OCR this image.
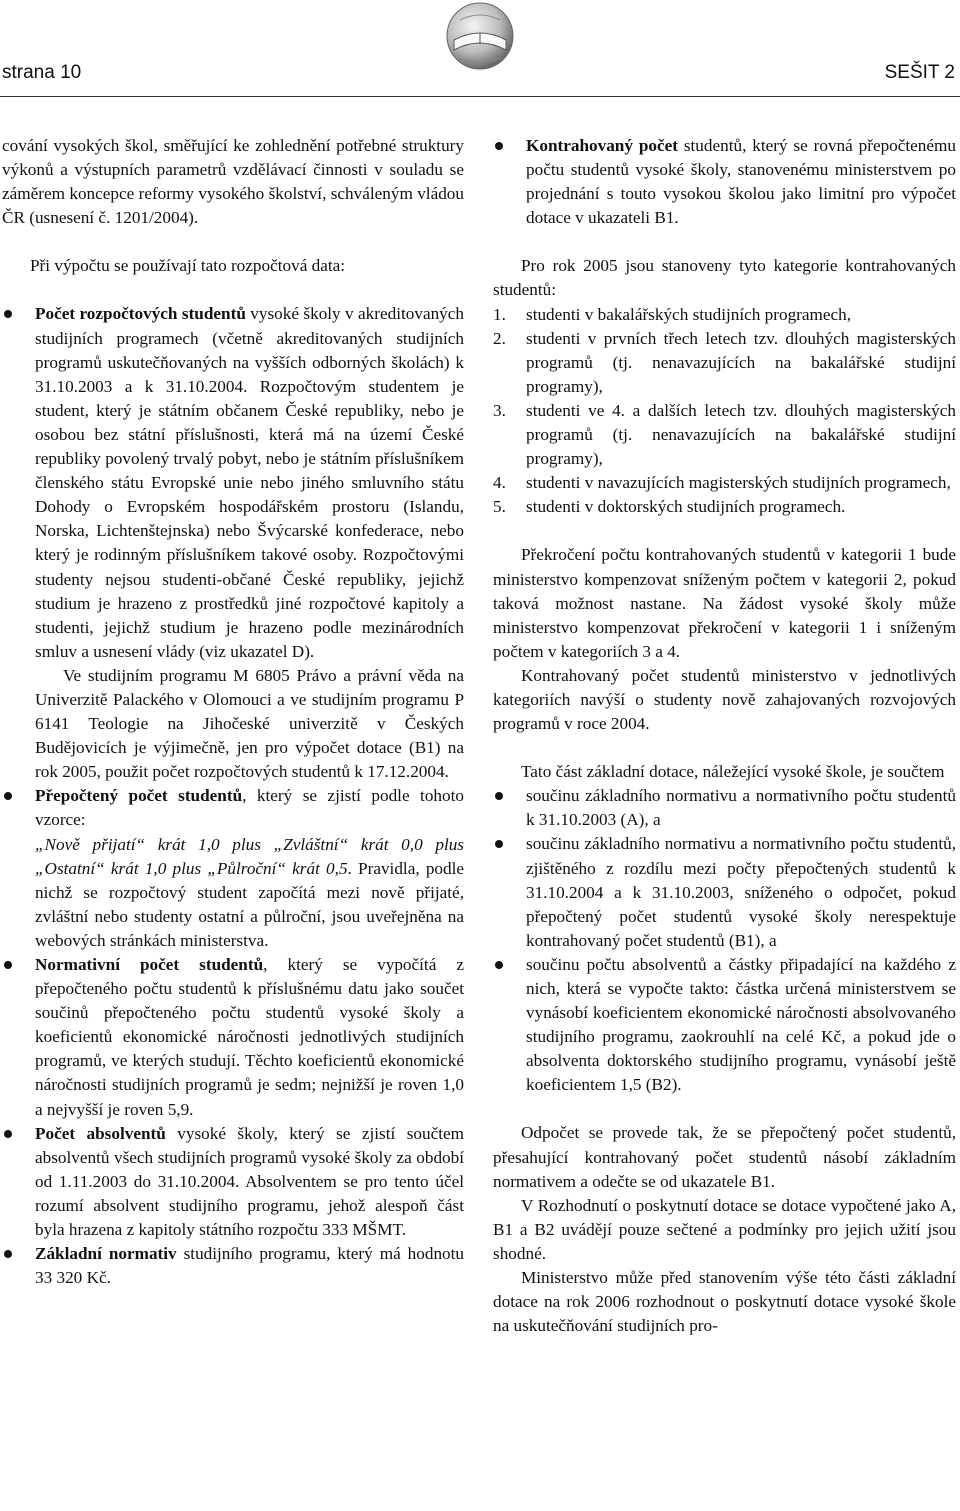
strana 10	SEŠIT 2

cování vysokých škol, směřující ke zohlednění potřebné struktury výkonů a výstupních parametrů vzdělávací činnosti v souladu se záměrem koncepce reformy vysokého školství, schváleným vládou ČR (usnesení č. 1201/2004).

Při výpočtu se používají tato rozpočtová data:

Počet rozpočtových studentů vysoké školy v akreditovaných studijních programech (včetně akreditovaných studijních programů uskutečňovaných na vyšších odborných školách) k 31.10.2003 a k 31.10.2004. Rozpočtovým studentem je student, který je státním občanem České republiky, nebo je osobou bez státní příslušnosti, která má na území České republiky povolený trvalý pobyt, nebo je státním příslušníkem členského státu Evropské unie nebo jiného smluvního státu Dohody o Evropském hospodářském prostoru (Islandu, Norska, Lichtenštejnska) nebo Švýcarské konfederace, nebo který je rodinným příslušníkem takové osoby. Rozpočtovými studenty nejsou studenti-občané České republiky, jejichž studium je hrazeno z prostředků jiné rozpočtové kapitoly a studenti, jejichž studium je hrazeno podle mezinárodních smluv a usnesení vlády (viz ukazatel D).

Ve studijním programu M 6805 Právo a právní věda na Univerzitě Palackého v Olomouci a ve studijním programu P 6141 Teologie na Jihočeské univerzitě v Českých Budějovicích je výjimečně, jen pro výpočet dotace (B1) na rok 2005, použit počet rozpočtových studentů k 17.12.2004.

Přepočtený počet studentů, který se zjistí podle tohoto vzorce:

„Nově přijatí“ krát 1,0 plus „Zvláštní“ krát 0,0 plus „Ostatní“ krát 1,0 plus „Půlroční“ krát 0,5. Pravidla, podle nichž se rozpočtový student započítá mezi nově přijaté, zvláštní nebo studenty ostatní a půlroční, jsou uveřejněna na webových stránkách ministerstva.

Normativní počet studentů, který se vypočítá z přepočteného počtu studentů k příslušnému datu jako součet součinů přepočteného počtu studentů vysoké školy a koeficientů ekonomické náročnosti jednotlivých studijních programů, ve kterých studují. Těchto koeficientů ekonomické náročnosti studijních programů je sedm; nejnižší je roven 1,0 a nejvyšší je roven 5,9.

Počet absolventů vysoké školy, který se zjistí součtem absolventů všech studijních programů vysoké školy za období od 1.11.2003 do 31.10.2004. Absolventem se pro tento účel rozumí absolvent studijního programu, jehož alespoň část byla hrazena z kapitoly státního rozpočtu 333 MŠMT.

Základní normativ studijního programu, který má hodnotu 33 320 Kč.

Kontrahovaný počet studentů, který se rovná přepočtenému počtu studentů vysoké školy, stanovenému ministerstvem po projednání s touto vysokou školou jako limitní pro výpočet dotace v ukazateli B1.

Pro rok 2005 jsou stanoveny tyto kategorie kontrahovaných studentů:

1. studenti v bakalářských studijních programech,
2. studenti v prvních třech letech tzv. dlouhých magisterských programů (tj. nenavazujících na bakalářské studijní programy),
3. studenti ve 4. a dalších letech tzv. dlouhých magisterských programů (tj. nenavazujících na bakalářské studijní programy),
4. studenti v navazujících magisterských studijních programech,
5. studenti v doktorských studijních programech.

Překročení počtu kontrahovaných studentů v kategorii 1 bude ministerstvo kompenzovat sníženým počtem v kategorii 2, pokud taková možnost nastane. Na žádost vysoké školy může ministerstvo kompenzovat překročení v kategorii 1 i sníženým počtem v kategoriích 3 a 4.

Kontrahovaný počet studentů ministerstvo v jednotlivých kategoriích navýší o studenty nově zahajovaných rozvojových programů v roce 2004.

Tato část základní dotace, náležející vysoké škole, je součtem

součinu základního normativu a normativního počtu studentů k 31.10.2003 (A), a
součinu základního normativu a normativního počtu studentů, zjištěného z rozdílu mezi počty přepočtených studentů k 31.10.2004 a k 31.10.2003, sníženého o odpočet, pokud přepočtený počet studentů vysoké školy nerespektuje kontrahovaný počet studentů (B1), a
součinu počtu absolventů a částky připadající na každého z nich, která se vypočte takto: částka určená ministerstvem se vynásobí koeficientem ekonomické náročnosti absolvovaného studijního programu, zaokrouhlí na celé Kč, a pokud jde o absolventa doktorského studijního programu, vynásobí ještě koeficientem 1,5 (B2).

Odpočet se provede tak, že se přepočtený počet studentů, přesahující kontrahovaný počet studentů násobí základním normativem a odečte se od ukazatele B1.

V Rozhodnutí o poskytnutí dotace se dotace vypočtené jako A, B1 a B2 uvádějí pouze sečtené a podmínky pro jejich užití jsou shodné.

Ministerstvo může před stanovením výše této části základní dotace na rok 2006 rozhodnout o poskytnutí dotace vysoké škole na uskutečňování studijních pro-
